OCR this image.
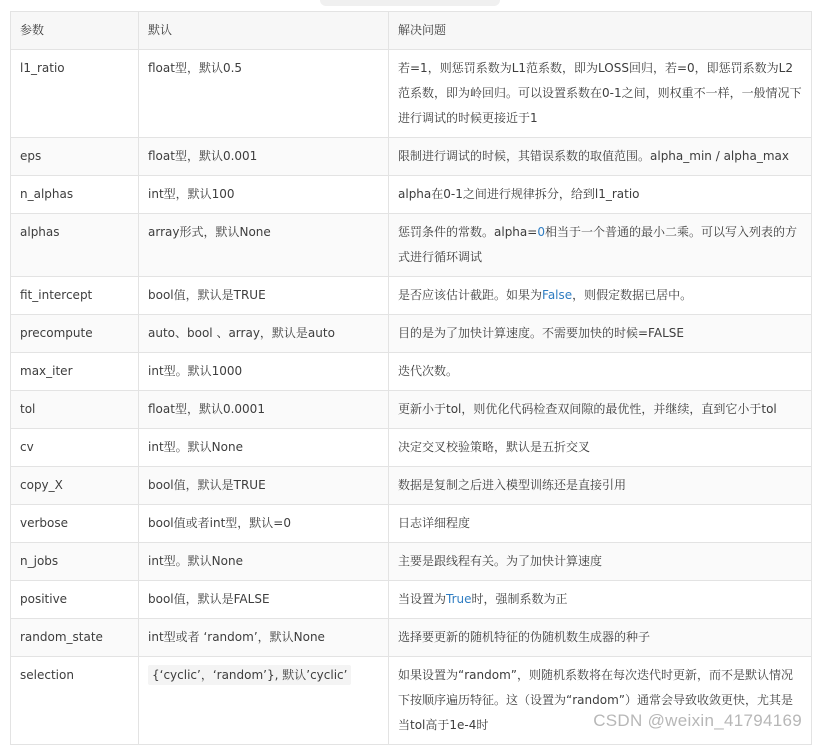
参数	默认	解决问题
l1_ratio	float型，默认0.5	若=1，则惩罚系数为L1范系数，即为LOSS回归，若=0，即惩罚系数为L2范系数，即为岭回归。可以设置系数在0-1之间，则权重不一样，一般情况下进行调试的时候更接近于1
eps	float型，默认0.001	限制进行调试的时候，其错误系数的取值范围。alpha_min / alpha_max
n_alphas	int型，默认100	alpha在0-1之间进行规律拆分，给到l1_ratio
alphas	array形式，默认None	惩罚条件的常数。alpha=0相当于一个普通的最小二乘。可以写入列表的方式进行循环调试
fit_intercept	bool值，默认是TRUE	是否应该估计截距。如果为False，则假定数据已居中。
precompute	auto、bool 、array，默认是auto	目的是为了加快计算速度。不需要加快的时候=FALSE
max_iter	int型。默认1000	迭代次数。
tol	float型，默认0.0001	更新小于tol，则优化代码检查双间隙的最优性，并继续，直到它小于tol
cv	int型。默认None	决定交叉校验策略，默认是五折交叉
copy_X	bool值，默认是TRUE	数据是复制之后进入模型训练还是直接引用
verbose	bool值或者int型，默认=0	日志详细程度
n_jobs	int型。默认None	主要是跟线程有关。为了加快计算速度
positive	bool值，默认是FALSE	当设置为True时，强制系数为正
random_state	int型或者 ‘random’，默认None	选择要更新的随机特征的伪随机数生成器的种子
selection	{‘cyclic’，‘random’}, 默认’cyclic’	如果设置为“random”，则随机系数将在每次迭代时更新，而不是默认情况下按顺序遍历特征。这（设置为“random”）通常会导致收敛更快，尤其是当tol高于1e-4时	CSDN @weixin_41794169
